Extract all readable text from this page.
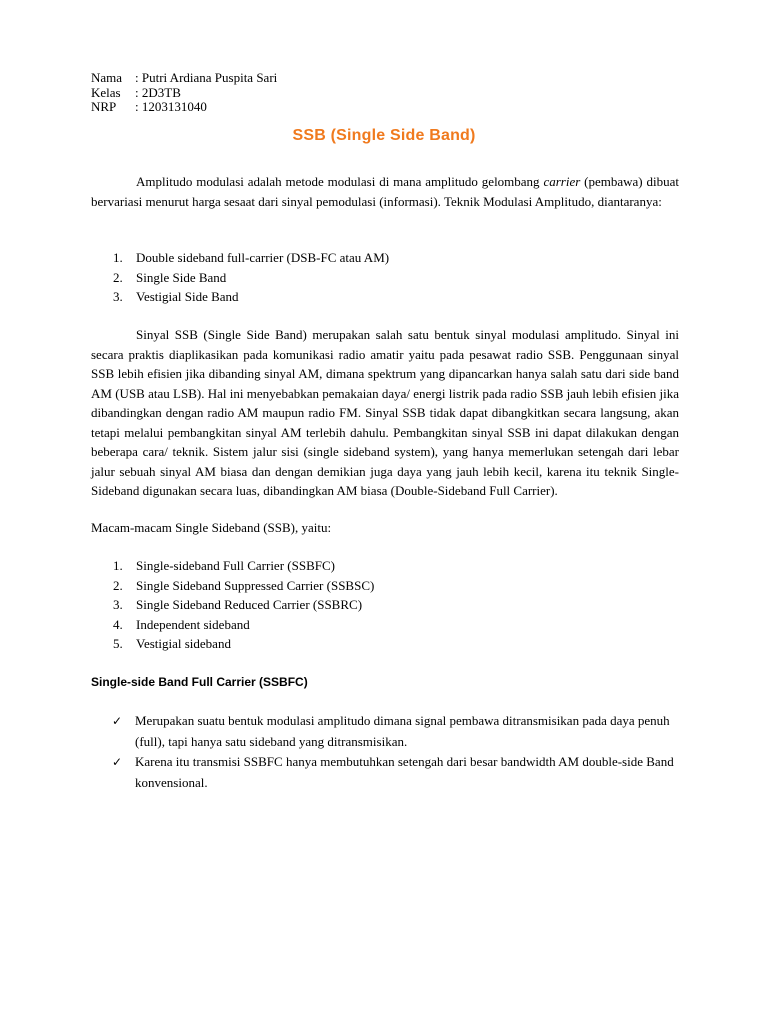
Nama : Putri Ardiana Puspita Sari
Kelas	: 2D3TB
NRP	: 1203131040
SSB (Single Side Band)

Amplitudo modulasi adalah metode modulasi di mana amplitudo gelombang carrier (pembawa) dibuat bervariasi menurut harga sesaat dari sinyal pemodulasi (informasi). Teknik Modulasi Amplitudo, diantaranya:

1.	Double sideband full-carrier (DSB-FC atau AM)
2.	Single Side Band
3.	Vestigial Side Band

Sinyal SSB (Single Side Band) merupakan salah satu bentuk sinyal modulasi amplitudo. Sinyal ini secara praktis diaplikasikan pada komunikasi radio amatir yaitu pada pesawat radio SSB. Penggunaan sinyal SSB lebih efisien jika dibanding sinyal AM, dimana spektrum yang dipancarkan hanya salah satu dari side band AM (USB atau LSB). Hal ini menyebabkan pemakaian daya/ energi listrik pada radio SSB jauh lebih efisien jika dibandingkan dengan radio AM maupun radio FM. Sinyal SSB tidak dapat dibangkitkan secara langsung, akan tetapi melalui pembangkitan sinyal AM terlebih dahulu. Pembangkitan sinyal SSB ini dapat dilakukan dengan beberapa cara/ teknik. Sistem jalur sisi (single sideband system), yang hanya memerlukan setengah dari lebar jalur sebuah sinyal AM biasa dan dengan demikian juga daya yang jauh lebih kecil, karena itu teknik Single-Sideband digunakan secara luas, dibandingkan AM biasa (Double-Sideband Full Carrier).

Macam-macam Single Sideband (SSB), yaitu:

1.	Single-sideband Full Carrier (SSBFC)
2.	Single Sideband Suppressed Carrier (SSBSC)
3.	Single Sideband Reduced Carrier (SSBRC)
4.	Independent sideband
5.	Vestigial sideband
Single-side Band Full Carrier (SSBFC)
✓ Merupakan suatu bentuk modulasi amplitudo dimana signal pembawa ditransmisikan pada daya penuh (full), tapi hanya satu sideband yang ditransmisikan.
✓ Karena itu transmisi SSBFC hanya membutuhkan setengah dari besar bandwidth AM double-side Band konvensional.
